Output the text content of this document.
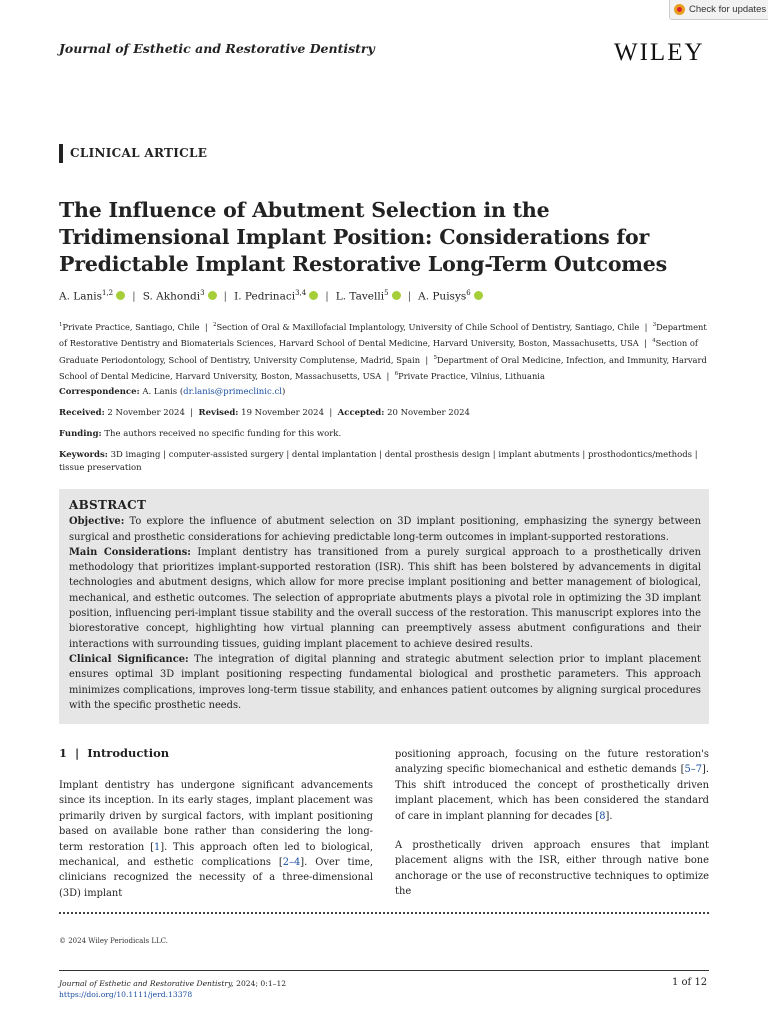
Journal of Esthetic and Restorative Dentistry	WILEY
Check for updates
CLINICAL ARTICLE
The Influence of Abutment Selection in the Tridimensional Implant Position: Considerations for Predictable Implant Restorative Long-Term Outcomes
A. Lanis$^{1,2}$ | S. Akhondi$^3$ | I. Pedrinaci$^{3,4}$ | L. Tavelli$^5$ | A. Puisys$^6$
$^1$Private Practice, Santiago, Chile  |  $^2$Section of Oral & Maxillofacial Implantology, University of Chile School of Dentistry, Santiago, Chile  |  $^3$Department of Restorative Dentistry and Biomaterials Sciences, Harvard School of Dental Medicine, Harvard University, Boston, Massachusetts, USA  |  $^4$Section of Graduate Periodontology, School of Dentistry, University Complutense, Madrid, Spain  |  $^5$Department of Oral Medicine, Infection, and Immunity, Harvard School of Dental Medicine, Harvard University, Boston, Massachusetts, USA  |  $^6$Private Practice, Vilnius, Lithuania
Correspondence: A. Lanis (dr.lanis@primeclinic.cl)
Received: 2 November 2024  |  Revised: 19 November 2024  |  Accepted: 20 November 2024
Funding: The authors received no specific funding for this work.
Keywords: 3D imaging | computer-assisted surgery | dental implantation | dental prosthesis design | implant abutments | prosthodontics/methods | tissue preservation
ABSTRACT
Objective: To explore the influence of abutment selection on 3D implant positioning, emphasizing the synergy between surgical and prosthetic considerations for achieving predictable long-term outcomes in implant-supported restorations.
Main Considerations: Implant dentistry has transitioned from a purely surgical approach to a prosthetically driven methodology that prioritizes implant-supported restoration (ISR). This shift has been bolstered by advancements in digital technologies and abutment designs, which allow for more precise implant positioning and better management of biological, mechanical, and esthetic outcomes. The selection of appropriate abutments plays a pivotal role in optimizing the 3D implant position, influencing peri-implant tissue stability and the overall success of the restoration. This manuscript explores into the biorestorative concept, highlighting how virtual planning can preemptively assess abutment configurations and their interactions with surrounding tissues, guiding implant placement to achieve desired results.
Clinical Significance: The integration of digital planning and strategic abutment selection prior to implant placement ensures optimal 3D implant positioning respecting fundamental biological and prosthetic parameters. This approach minimizes complications, improves long-term tissue stability, and enhances patient outcomes by aligning surgical procedures with the specific prosthetic needs.
1 | Introduction
Implant dentistry has undergone significant advancements since its inception. In its early stages, implant placement was primarily driven by surgical factors, with implant positioning based on available bone rather than considering the long-term restoration [1]. This approach often led to biological, mechanical, and esthetic complications [2–4]. Over time, clinicians recognized the necessity of a three-dimensional (3D) implant
positioning approach, focusing on the future restoration's analyzing specific biomechanical and esthetic demands [5–7]. This shift introduced the concept of prosthetically driven implant placement, which has been considered the standard of care in implant planning for decades [8].
A prosthetically driven approach ensures that implant placement aligns with the ISR, either through native bone anchorage or the use of reconstructive techniques to optimize the
© 2024 Wiley Periodicals LLC.
Journal of Esthetic and Restorative Dentistry, 2024; 0:1–12
https://doi.org/10.1111/jerd.13378
1 of 12
